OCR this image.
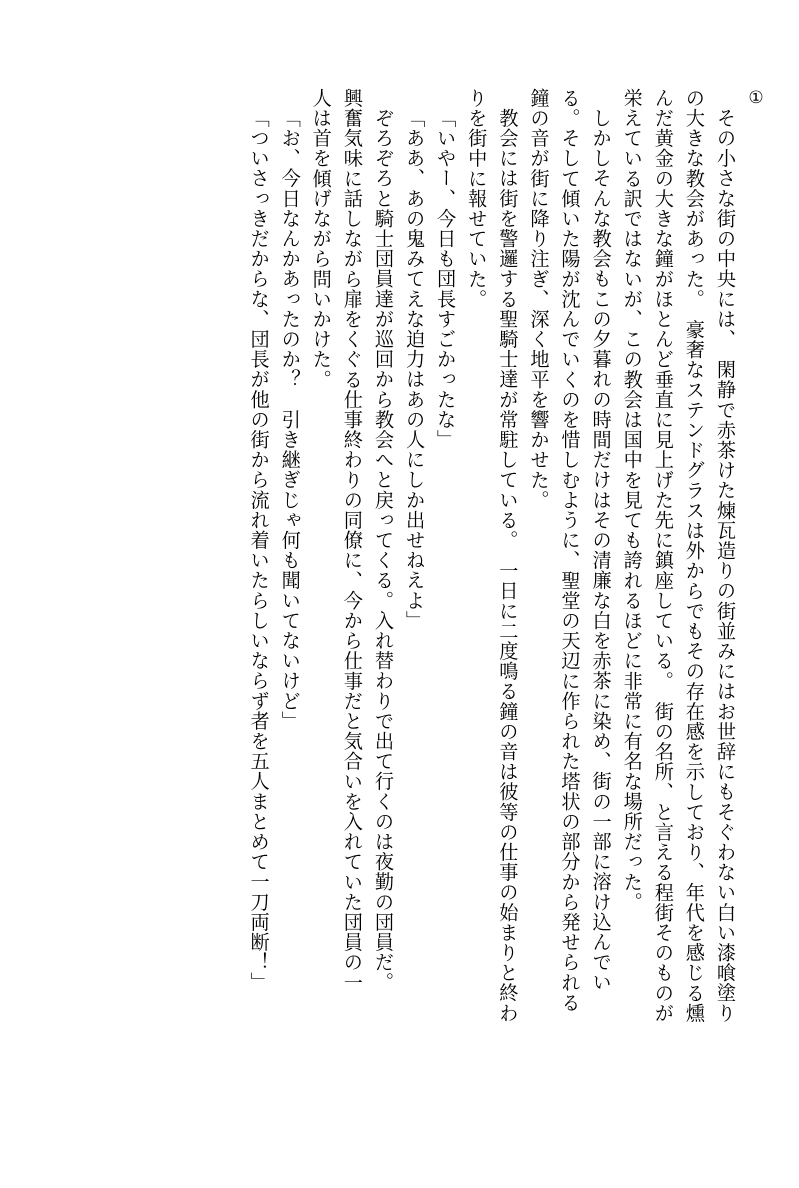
①
その小さな街の中央には、　閑静で赤茶けた煉瓦造りの街並みにはお世辞にもそぐわない白い漆喰塗り
の大きな教会があった。　豪奢なステンドグラスは外からでもその存在感を示しており、年代を感じる燻
んだ黄金の大きな鐘がほとんど垂直に見上げた先に鎮座している。　街の名所、と言える程街そのものが
栄えている訳ではないが、この教会は国中を見ても誇れるほどに非常に有名な場所だった。
しかしそんな教会もこの夕暮れの時間だけはその清廉な白を赤茶に染め、街の一部に溶け込んでい
る。そして傾いた陽が沈んでいくのを惜しむように、聖堂の天辺に作られた塔状の部分から発せられる
鐘の音が街に降り注ぎ、深く地平を響かせた。
教会には街を警邏する聖騎士達が常駐している。　一日に二度鳴る鐘の音は彼等の仕事の始まりと終わ
りを街中に報せていた。
「いやー、今日も団長すごかったな」
「ああ、あの鬼みてえな迫力はあの人にしか出せねえよ」
ぞろぞろと騎士団員達が巡回から教会へと戻ってくる。入れ替わりで出て行くのは夜勤の団員だ。
興奮気味に話しながら扉をくぐる仕事終わりの同僚に、今から仕事だと気合いを入れていた団員の一
人は首を傾げながら問いかけた。
「お、今日なんかあったのか？　引き継ぎじゃ何も聞いてないけど」
「ついさっきだからな、団長が他の街から流れ着いたらしいならず者を五人まとめて一刀両断！」
